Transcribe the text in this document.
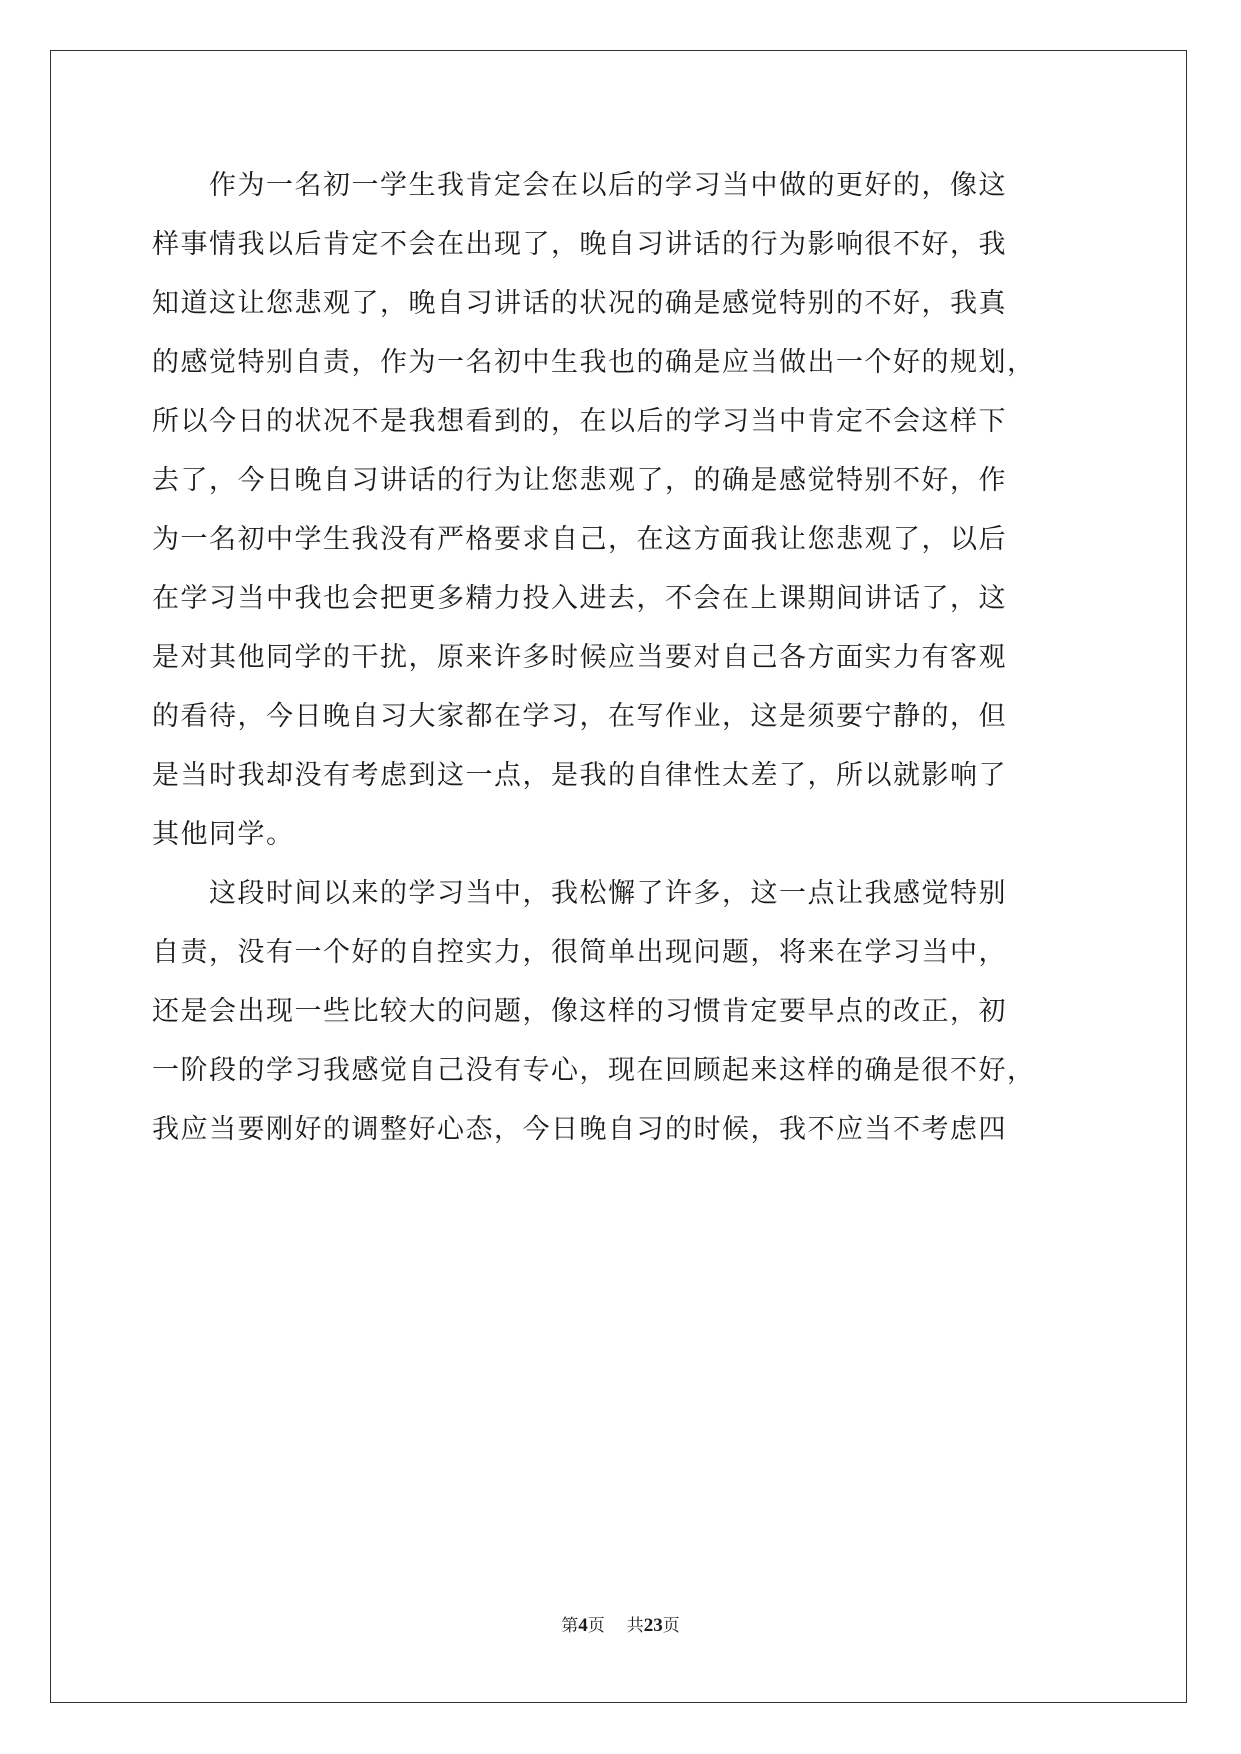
　　作为一名初一学生我肯定会在以后的学习当中做的更好的，像这
样事情我以后肯定不会在出现了，晚自习讲话的行为影响很不好，我
知道这让您悲观了，晚自习讲话的状况的确是感觉特别的不好，我真
的感觉特别自责，作为一名初中生我也的确是应当做出一个好的规划，
所以今日的状况不是我想看到的，在以后的学习当中肯定不会这样下
去了，今日晚自习讲话的行为让您悲观了，的确是感觉特别不好，作
为一名初中学生我没有严格要求自己，在这方面我让您悲观了，以后
在学习当中我也会把更多精力投入进去，不会在上课期间讲话了，这
是对其他同学的干扰，原来许多时候应当要对自己各方面实力有客观
的看待，今日晚自习大家都在学习，在写作业，这是须要宁静的，但
是当时我却没有考虑到这一点，是我的自律性太差了，所以就影响了
其他同学。
　　这段时间以来的学习当中，我松懈了许多，这一点让我感觉特别
自责，没有一个好的自控实力，很简单出现问题，将来在学习当中，
还是会出现一些比较大的问题，像这样的习惯肯定要早点的改正，初
一阶段的学习我感觉自己没有专心，现在回顾起来这样的确是很不好，
我应当要刚好的调整好心态，今日晚自习的时候，我不应当不考虑四
第4页 共23页
